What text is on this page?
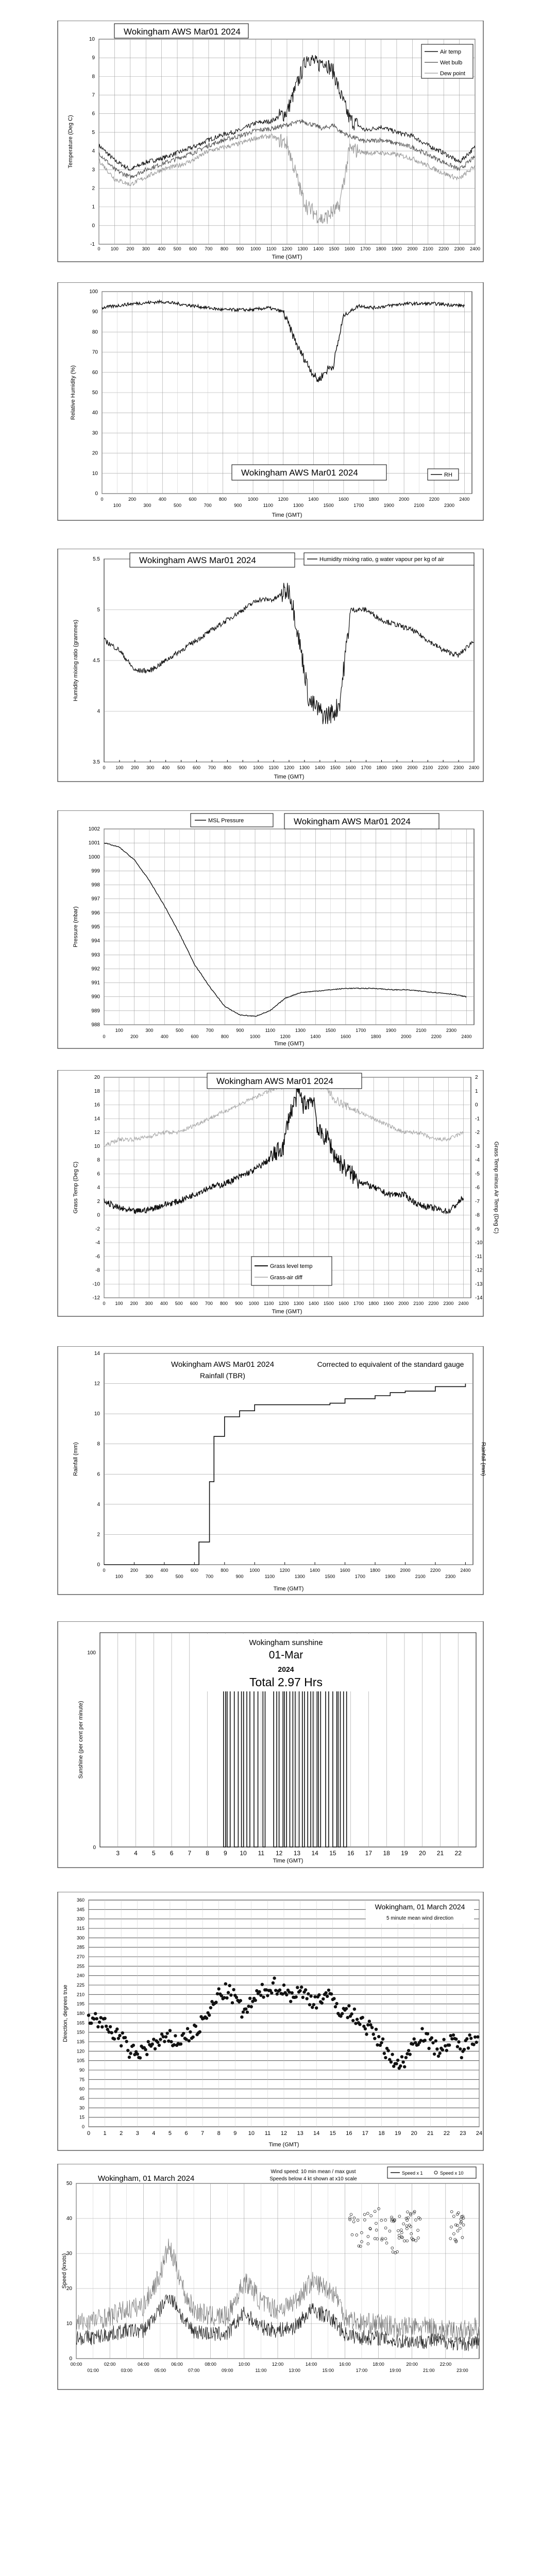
-1
0
1
2
3
4
5
6
7
8
9
10
0 100 200 300 400 500 600 700 800 900 1000 1100 1200 1300 1400 1500 1600 1700 1800 1900 2000 2100 2200 2300 2400
Wokingham AWS Mar01 2024
Air temp
Wet bulb
Dew point
Temperature (Deg C)
Time (GMT)
0
10
20
30
40
50
60
70
80
90
100
0	200	400	600	800	1000	1200	1400	1600	1800	2000	2200	2400
100	300	500	700	900	1100	1300	1500	1700	1900	2100	2300
Wokingham AWS Mar01 2024	RH
Relative Humidity (%)
Time (GMT)
3.5
4
4.5
5
5.5
0 100 200 300 400 500 600 700 800 900 1000 1100 1200 1300 1400 1500 1600 1700 1800 1900 2000 2100 2200 2300 2400
Wokingham AWS Mar01 2024	Humidity mixing ratio, g water vapour per kg of air
Humidity mixing ratio (grammes)
Time (GMT)
988
989
990
991
992
993
994
995
996
997
998
999
1000
1001
1002
0	200	400	600	800	1000	1200	1400	1600	1800	2000	2200	2400
100	300	500	700	900	1100	1300	1500	1700	1900	2100	2300
MSL Pressure	Wokingham AWS Mar01 2024
Pressure (mbar)
Time (GMT)
-12
-10
-8
-6
-4
-2
0
2
4
6
8
10
12
14
16
18
20
-14
-13
-12
-11
-10
-9
-8
-7
-6
-5
-4
-3
-2
-1
0
1
2
0 100 200 300 400 500 600 700 800 900 1000 1100 1200 1300 1400 1500 1600 1700 1800 1900 2000 2100 2200 2300 2400
Wokingham AWS Mar01 2024
Grass level temp
Grass-air diff
Grass Temp (Deg C)	Grass Temp minus Air Temp (Deg C)
Time (GMT)
0
2
4
6
8
10
12
14
0	200	400	600	800	1000	1200	1400	1600	1800	2000	2200	2400
100	300	500	700	900	1100	1300	1500	1700	1900	2100	2300
Wokingham AWS Mar01 2024
Rainfall (TBR)
Corrected to equivalent of the standard gauge
Rainfall (mm)	Rainfall (mm)
Time (GMT)
3 4 5 6 7 8 9 10 11 12 13 14 15 16 17 18 19 20 21 22
0
100
Wokingham sunshine
01-Mar
2024
Total 2.97 Hrs
Sunshine (per cent per minute)
Time (GMT)
0
15
30
45
60
75
90
105
120
135
150
165
180
195
210
225
240
255
270
285
300
315
330
345
360
0 1 2 3 4 5 6 7 8 9 10 11 12 13 14 15 16 17 18 19 20 21 22 23 24
Wokingham, 01 March 2024
5 minute mean wind direction
Direction, degrees true
Time (GMT)
0
10
20
30
40
50
00:00	02:00	04:00	06:00	08:00	10:00	12:00	14:00	16:00	18:00	20:00	22:00
01:00	03:00	05:00	07:00	09:00	11:00	13:00	15:00	17:00	19:00	21:00	23:00
Wokingham, 01 March 2024
Wind speed: 10 min mean / max gust
Speeds below 4 kt shown at x10 scale
Speed x 1	Speed x 10
Speed (knots)
